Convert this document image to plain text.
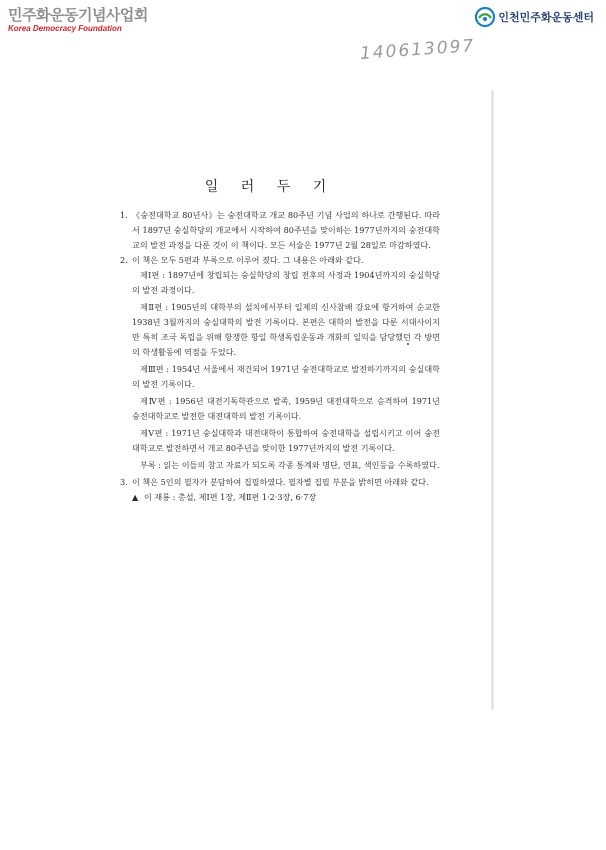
민주화운동기념사업회
Korea Democracy Foundation
인천민주화운동센터
140613097
일 러 두 기
1. 《숭전대학교 80년사》는 숭전대학교 개교 80주년 기념 사업의 하나로 간행된다. 따라서 1897년 숭실학당의 개교에서 시작하여 80주년을 맞이하는 1977년까지의 숭전대학교의 발전 과정을 다룬 것이 이 책이다. 모든 서술은 1977년 2월 28일로 마감하였다.
2. 이 책은 모두 5편과 부록으로 이루어 졌다. 그 내용은 아래와 같다.

제Ⅰ편 : 1897년에 창립되는 숭실학당의 창립 전후의 사정과 1904년까지의 숭실학당의 발전 과정이다.

제Ⅱ편 : 1905년의 대학부의 설치에서부터 일제의 신사참배 강요에 항거하여 순교한 1938년 3월까지의 숭실대학의 발전 기록이다. 본편은 대학의 발전을 다룬 시대사이지만 특히 조국 독립을 위해 항쟁한 항일 학생독립운동과 개화의 일익을 담당했던 각 방면의 학생활동에 역점을 두었다.

제Ⅲ편 : 1954년 서울에서 재건되어 1971년 숭전대학교로 발전하기까지의 숭실대학의 발전 기록이다.

제Ⅳ편 : 1956년 대전기독학관으로 발족, 1959년 대전대학으로 승격하여 1971년 숭전대학교로 발전한 대전대학의 발전 기록이다.

제Ⅴ편 : 1971년 숭실대학과 대전대학이 통합하여 숭전대학을 설립시키고 이어 숭전대학교로 발전하면서 개교 80주년을 맞이한 1977년까지의 발전 기록이다.

부록 : 읽는 이들의 참고 자료가 되도록 각종 통계와 명단, 연표, 색인등을 수록하였다.

3. 이 책은 5인의 필자가 분담하여 집필하였다. 필자별 집필 부분을 밝히면 아래와 같다.
▲ 이 재룡 : 총설, 제Ⅰ편 1장, 제Ⅱ편 1·2·3장, 6·7장
